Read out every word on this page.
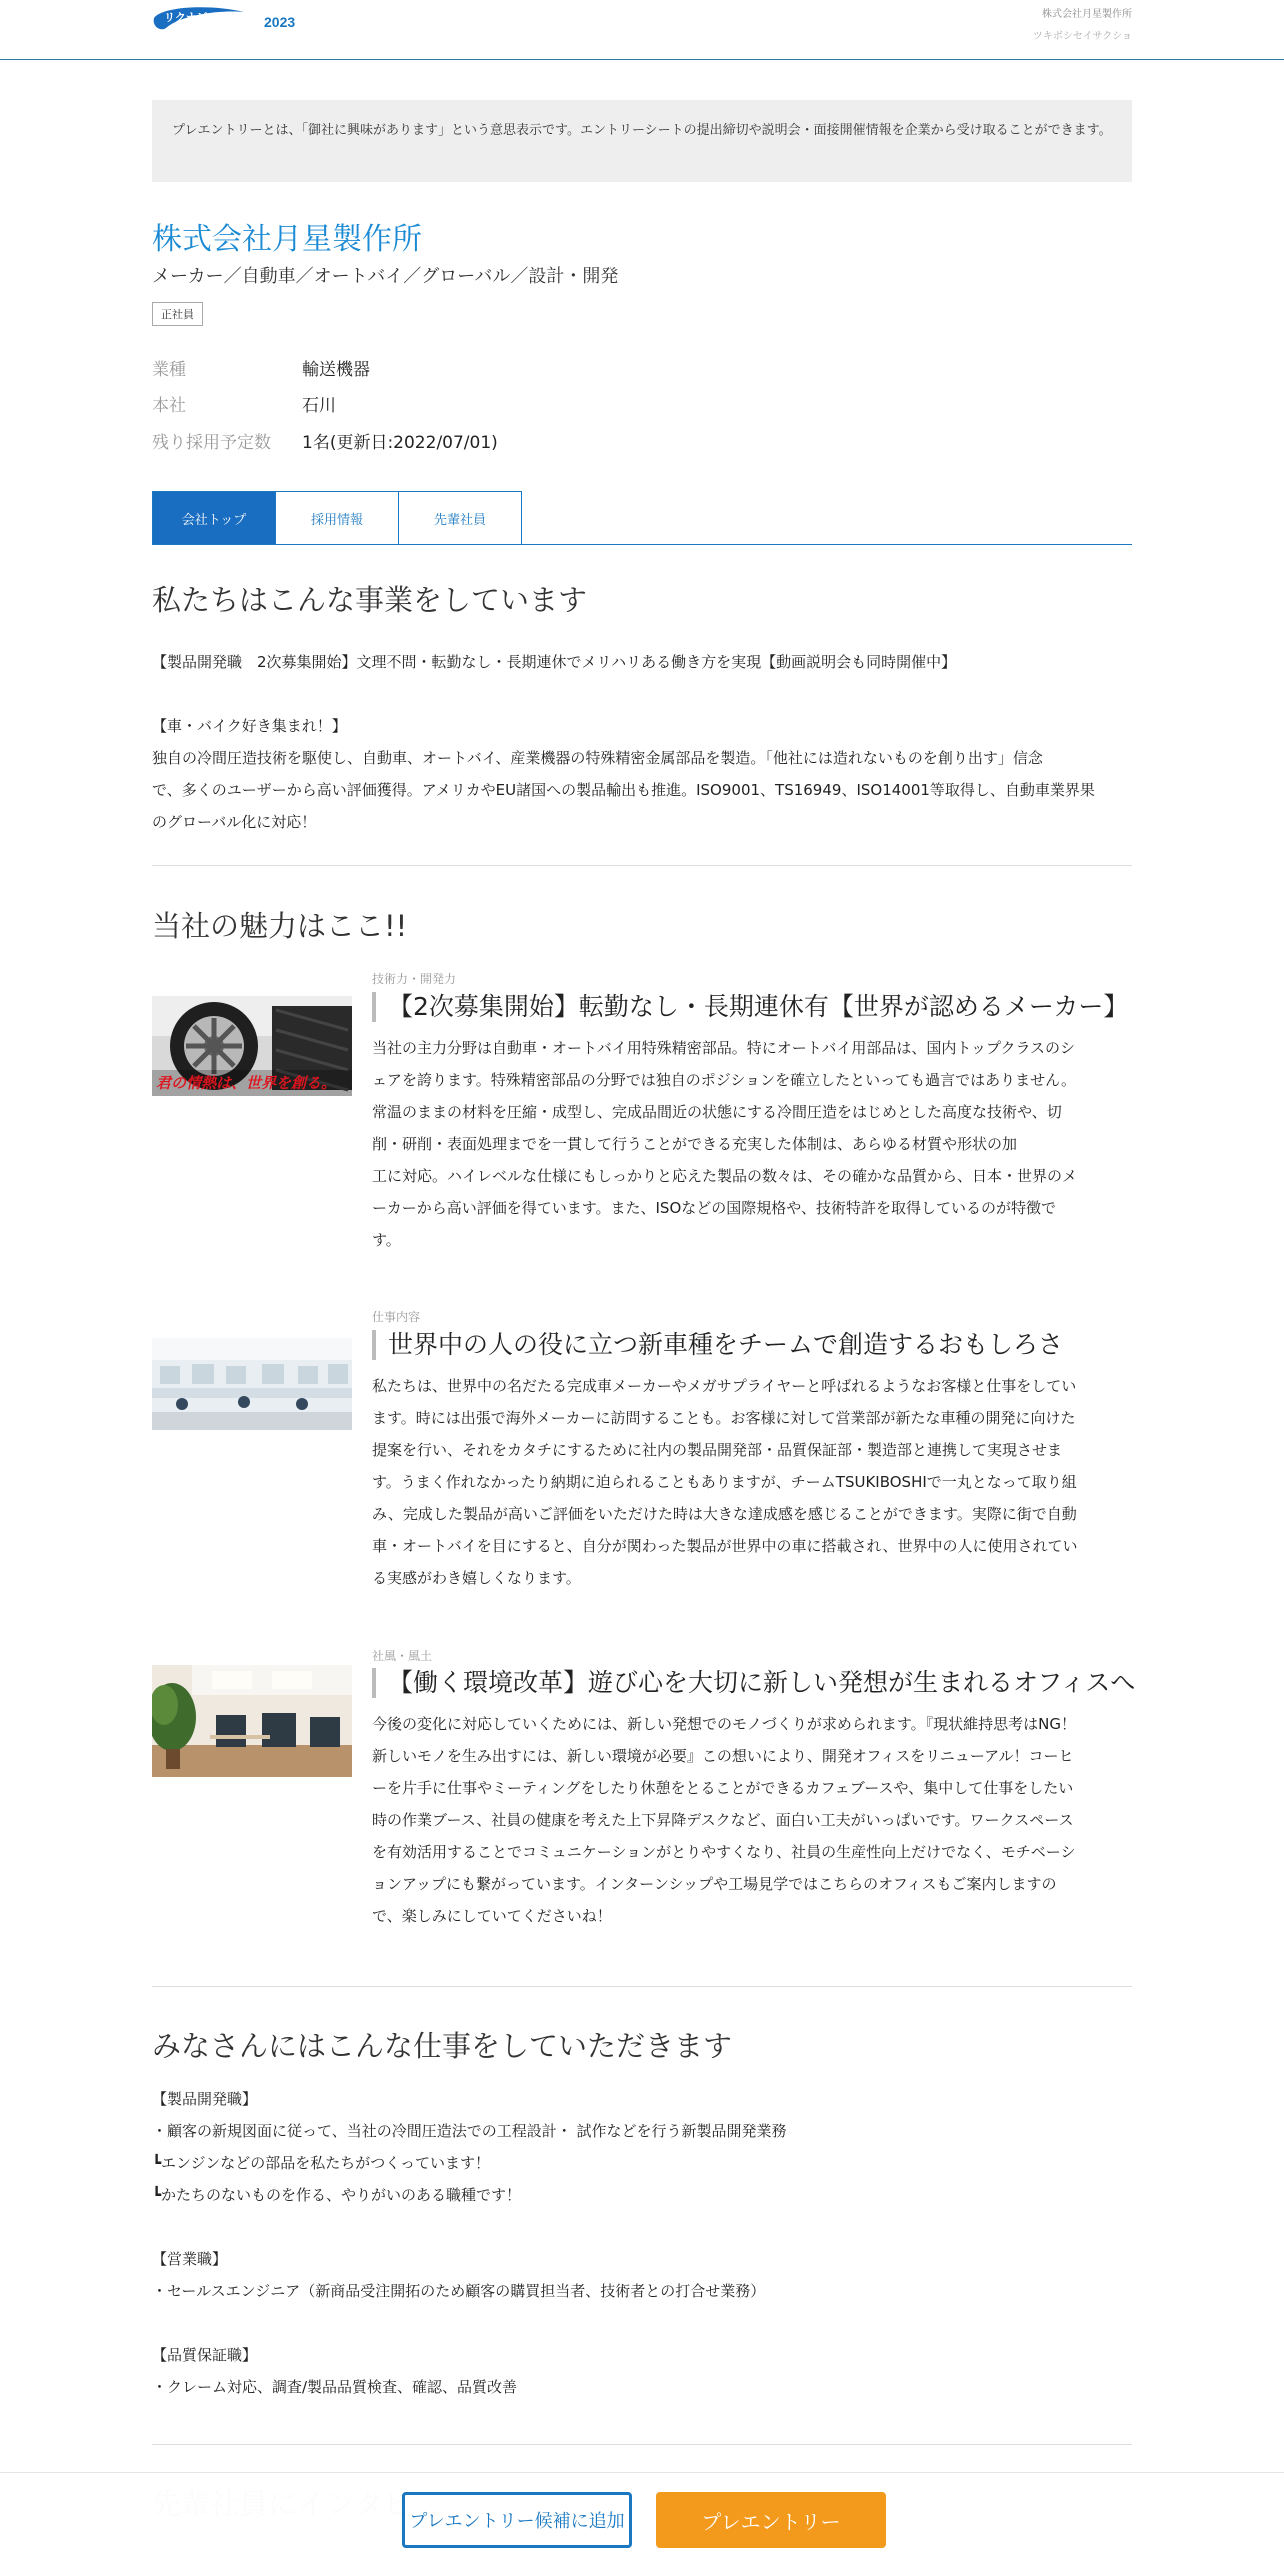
リクナビ	2023	株式会社月星製作所
ツキボシセイサクショ
プレエントリーとは、「御社に興味があります」という意思表示です。エントリーシートの提出締切や説明会・面接開催情報を企業から受け取ることができます。
株式会社月星製作所
メーカー／自動車／オートバイ／グローバル／設計・開発
正社員
業種	輸送機器
本社	石川
残り採用予定数 1名(更新日:2022/07/01)
会社トップ	採用情報	先輩社員
私たちはこんな事業をしています
【製品開発職　2次募集開始】文理不問・転勤なし・長期連休でメリハリある働き方を実現【動画説明会も同時開催中】
【車・バイク好き集まれ！】
独自の冷間圧造技術を駆使し、自動車、オートバイ、産業機器の特殊精密金属部品を製造。「他社には造れないものを創り出す」信念
で、多くのユーザーから高い評価獲得。アメリカやEU諸国への製品輸出も推進。ISO9001、TS16949、ISO14001等取得し、自動車業界果
のグローバル化に対応！
当社の魅力はここ!!
君の情熱は、世界を創る。
技術力・開発力
【2次募集開始】転勤なし・長期連休有【世界が認めるメーカー】
当社の主力分野は自動車・オートバイ用特殊精密部品。特にオートバイ用部品は、国内トップクラスのシ
ェアを誇ります。特殊精密部品の分野では独自のポジションを確立したといっても過言ではありません。
常温のままの材料を圧縮・成型し、完成品間近の状態にする冷間圧造をはじめとした高度な技術や、切
削・研削・表面処理までを一貫して行うことができる充実した体制は、あらゆる材質や形状の加
工に対応。ハイレベルな仕様にもしっかりと応えた製品の数々は、その確かな品質から、日本・世界のメ
ーカーから高い評価を得ています。また、ISOなどの国際規格や、技術特許を取得しているのが特徴で
す。
仕事内容
世界中の人の役に立つ新車種をチームで創造するおもしろさ
私たちは、世界中の名だたる完成車メーカーやメガサプライヤーと呼ばれるようなお客様と仕事をしてい
ます。時には出張で海外メーカーに訪問することも。お客様に対して営業部が新たな車種の開発に向けた
提案を行い、それをカタチにするために社内の製品開発部・品質保証部・製造部と連携して実現させま
す。うまく作れなかったり納期に迫られることもありますが、チームTSUKIBOSHIで一丸となって取り組
み、完成した製品が高いご評価をいただけた時は大きな達成感を感じることができます。実際に街で自動
車・オートバイを目にすると、自分が関わった製品が世界中の車に搭載され、世界中の人に使用されてい
る実感がわき嬉しくなります。
社風・風土
【働く環境改革】遊び心を大切に新しい発想が生まれるオフィスへ
今後の変化に対応していくためには、新しい発想でのモノづくりが求められます。『現状維持思考はNG！
新しいモノを生み出すには、新しい環境が必要』この想いにより、開発オフィスをリニューアル！コーヒ
ーを片手に仕事やミーティングをしたり休憩をとることができるカフェブースや、集中して仕事をしたい
時の作業ブース、社員の健康を考えた上下昇降デスクなど、面白い工夫がいっぱいです。ワークスペース
を有効活用することでコミュニケーションがとりやすくなり、社員の生産性向上だけでなく、モチベーシ
ョンアップにも繋がっています。インターンシップや工場見学ではこちらのオフィスもご案内しますの
で、楽しみにしていてくださいね！
みなさんにはこんな仕事をしていただきます
【製品開発職】
・顧客の新規図面に従って、当社の冷間圧造法での工程設計・ 試作などを行う新製品開発業務
┗エンジンなどの部品を私たちがつくっています！
┗かたちのないものを作る、やりがいのある職種です！
【営業職】
・セールスエンジニア（新商品受注開拓のため顧客の購買担当者、技術者との打合せ業務）
【品質保証職】
・クレーム対応、調査/製品品質検査、確認、品質改善
プレエントリー候補に追加	プレエントリー
